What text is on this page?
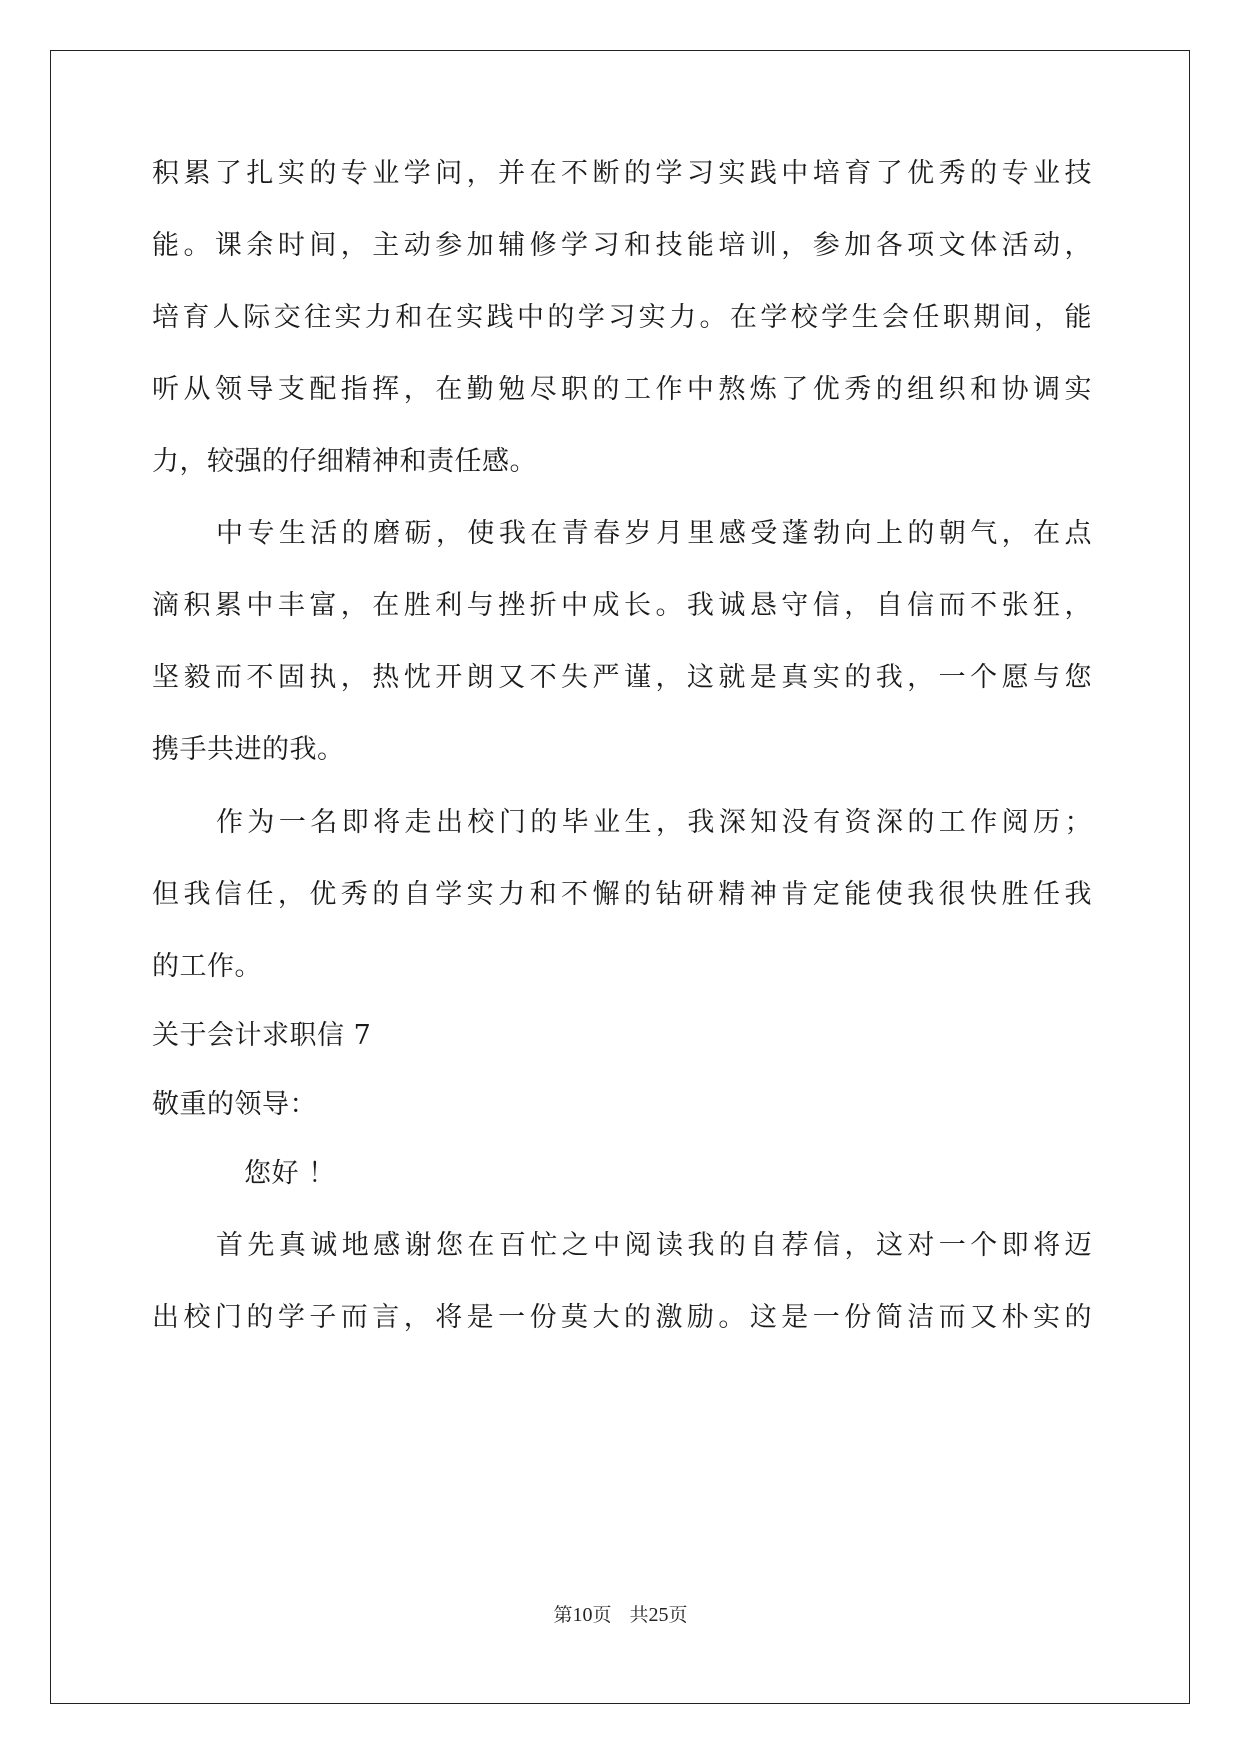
积累了扎实的专业学问，并在不断的学习实践中培育了优秀的专业技
能。课余时间，主动参加辅修学习和技能培训，参加各项文体活动，
培育人际交往实力和在实践中的学习实力。在学校学生会任职期间，能
听从领导支配指挥，在勤勉尽职的工作中熬炼了优秀的组织和协调实
力，较强的仔细精神和责任感。
中专生活的磨砺，使我在青春岁月里感受蓬勃向上的朝气，在点
滴积累中丰富，在胜利与挫折中成长。我诚恳守信，自信而不张狂，
坚毅而不固执，热忱开朗又不失严谨，这就是真实的我，一个愿与您
携手共进的我。
作为一名即将走出校门的毕业生，我深知没有资深的工作阅历；
但我信任，优秀的自学实力和不懈的钻研精神肯定能使我很快胜任我
的工作。
关于会计求职信 7
敬重的领导：
您好 ！
首先真诚地感谢您在百忙之中阅读我的自荐信，这对一个即将迈
出校门的学子而言，将是一份莫大的激励。这是一份简洁而又朴实的
第10页 共25页
